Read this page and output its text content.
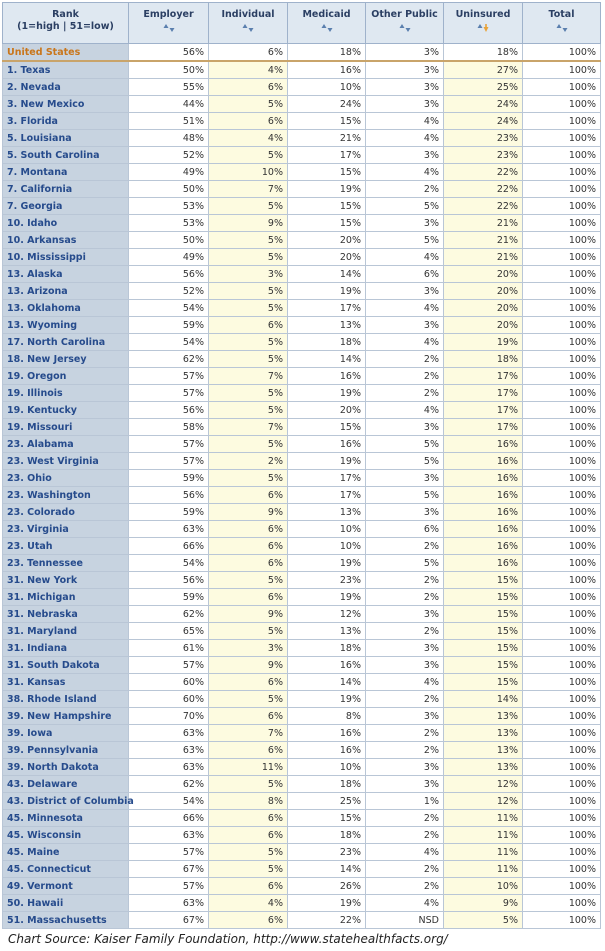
Rank
(1=high | 51=low)	Employer	Individual	Medicaid	Other Public	Uninsured	Total

United States	56%	6%	18%	3%	18%	100%
1. Texas	50%	4%	16%	3%	27%	100%
2. Nevada	55%	6%	10%	3%	25%	100%
3. New Mexico	44%	5%	24%	3%	24%	100%
3. Florida	51%	6%	15%	4%	24%	100%
5. Louisiana	48%	4%	21%	4%	23%	100%
5. South Carolina	52%	5%	17%	3%	23%	100%
7. Montana	49%	10%	15%	4%	22%	100%
7. California	50%	7%	19%	2%	22%	100%
7. Georgia	53%	5%	15%	5%	22%	100%
10. Idaho	53%	9%	15%	3%	21%	100%
10. Arkansas	50%	5%	20%	5%	21%	100%
10. Mississippi	49%	5%	20%	4%	21%	100%
13. Alaska	56%	3%	14%	6%	20%	100%
13. Arizona	52%	5%	19%	3%	20%	100%
13. Oklahoma	54%	5%	17%	4%	20%	100%
13. Wyoming	59%	6%	13%	3%	20%	100%
17. North Carolina	54%	5%	18%	4%	19%	100%
18. New Jersey	62%	5%	14%	2%	18%	100%
19. Oregon	57%	7%	16%	2%	17%	100%
19. Illinois	57%	5%	19%	2%	17%	100%
19. Kentucky	56%	5%	20%	4%	17%	100%
19. Missouri	58%	7%	15%	3%	17%	100%
23. Alabama	57%	5%	16%	5%	16%	100%
23. West Virginia	57%	2%	19%	5%	16%	100%
23. Ohio	59%	5%	17%	3%	16%	100%
23. Washington	56%	6%	17%	5%	16%	100%
23. Colorado	59%	9%	13%	3%	16%	100%
23. Virginia	63%	6%	10%	6%	16%	100%
23. Utah	66%	6%	10%	2%	16%	100%
23. Tennessee	54%	6%	19%	5%	16%	100%
31. New York	56%	5%	23%	2%	15%	100%
31. Michigan	59%	6%	19%	2%	15%	100%
31. Nebraska	62%	9%	12%	3%	15%	100%
31. Maryland	65%	5%	13%	2%	15%	100%
31. Indiana	61%	3%	18%	3%	15%	100%
31. South Dakota	57%	9%	16%	3%	15%	100%
31. Kansas	60%	6%	14%	4%	15%	100%
38. Rhode Island	60%	5%	19%	2%	14%	100%
39. New Hampshire	70%	6%	8%	3%	13%	100%
39. Iowa	63%	7%	16%	2%	13%	100%
39. Pennsylvania	63%	6%	16%	2%	13%	100%
39. North Dakota	63%	11%	10%	3%	13%	100%
43. Delaware	62%	5%	18%	3%	12%	100%
43. District of Columbia	54%	8%	25%	1%	12%	100%
45. Minnesota	66%	6%	15%	2%	11%	100%
45. Wisconsin	63%	6%	18%	2%	11%	100%
45. Maine	57%	5%	23%	4%	11%	100%
45. Connecticut	67%	5%	14%	2%	11%	100%
49. Vermont	57%	6%	26%	2%	10%	100%
50. Hawaii	63%	4%	19%	4%	9%	100%
51. Massachusetts	67%	6%	22%	NSD	5%	100%
Chart Source: Kaiser Family Foundation, http://www.statehealthfacts.org/
